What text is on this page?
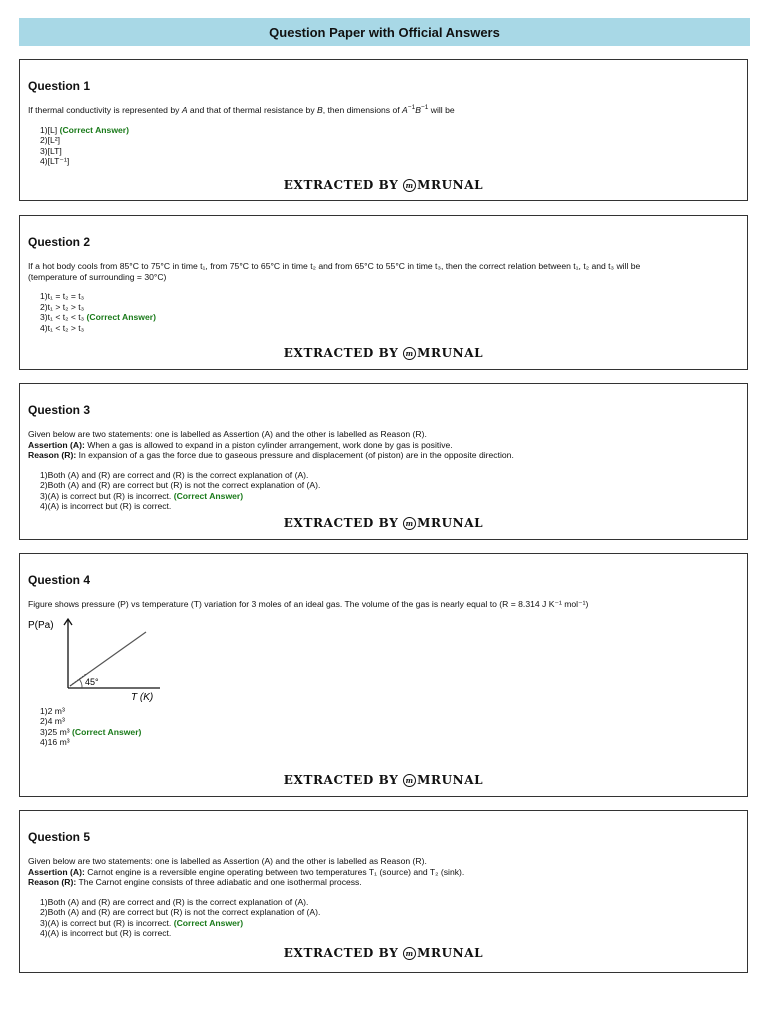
Question Paper with Official Answers
Question 1
If thermal conductivity is represented by A and that of thermal resistance by B, then dimensions of $A^{-1}B^{-1}$ will be
1)[L] (Correct Answer)
2)[L²]
3)[LT]
4)[LT⁻¹]
EXTRACTED BY m MRUNAL
Question 2

If a hot body cools from 85°C to 75°C in time t₁, from 75°C to 65°C in time t₂ and from 65°C to 55°C in time t₃, then the correct relation between t₁, t₂ and t₃ will be

(temperature of surrounding = 30°C)

1)t₁ = t₂ = t₃
2)t₁ > t₂ > t₃
3)t₁ < t₂ < t₃ (Correct Answer)
4)t₁ < t₂ > t₃
EXTRACTED BY m MRUNAL
Question 3

Given below are two statements: one is labelled as Assertion (A) and the other is labelled as Reason (R).

Assertion (A): When a gas is allowed to expand in a piston cylinder arrangement, work done by gas is positive.

Reason (R): In expansion of a gas the force due to gaseous pressure and displacement (of piston) are in the opposite direction.

1)Both (A) and (R) are correct and (R) is the correct explanation of (A).
2)Both (A) and (R) are correct but (R) is not the correct explanation of (A).
3)(A) is correct but (R) is incorrect. (Correct Answer)
4)(A) is incorrect but (R) is correct.
EXTRACTED BY m MRUNAL
Question 4
Figure shows pressure (P) vs temperature (T) variation for 3 moles of an ideal gas. The volume of the gas is nearly equal to (R = 8.314 J K⁻¹ mol⁻¹)
P(Pa)
45°
T (K)
1)2 m³
2)4 m³
3)25 m³ (Correct Answer)
4)16 m³
EXTRACTED BY m MRUNAL
Question 5

Given below are two statements: one is labelled as Assertion (A) and the other is labelled as Reason (R).

Assertion (A): Carnot engine is a reversible engine operating between two temperatures T₁ (source) and T₂ (sink).

Reason (R): The Carnot engine consists of three adiabatic and one isothermal process.

1)Both (A) and (R) are correct and (R) is the correct explanation of (A).
2)Both (A) and (R) are correct but (R) is not the correct explanation of (A).
3)(A) is correct but (R) is incorrect. (Correct Answer)
4)(A) is incorrect but (R) is correct.
EXTRACTED BY m MRUNAL
